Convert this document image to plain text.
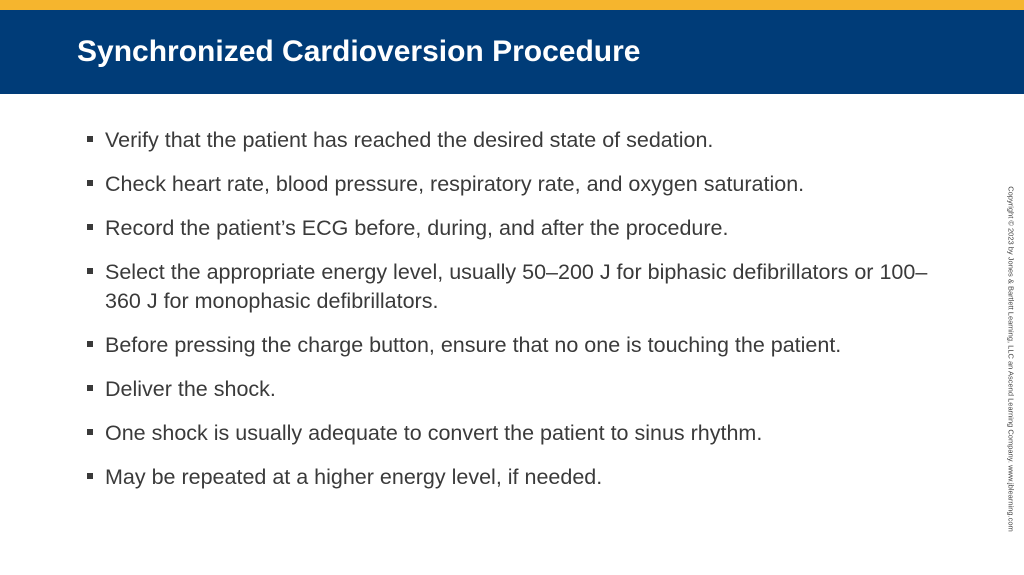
Synchronized Cardioversion Procedure
Verify that the patient has reached the desired state of sedation.
Check heart rate, blood pressure, respiratory rate, and oxygen saturation.
Record the patient’s ECG before, during, and after the procedure.
Select the appropriate energy level, usually 50–200 J for biphasic defibrillators or 100–360 J for monophasic defibrillators.
Before pressing the charge button, ensure that no one is touching the patient.
Deliver the shock.
One shock is usually adequate to convert the patient to sinus rhythm.
May be repeated at a higher energy level, if needed.	Copyright © 2023 by Jones & Bartlett Learning, LLC an Ascend Learning Company. www.jblearning.com
